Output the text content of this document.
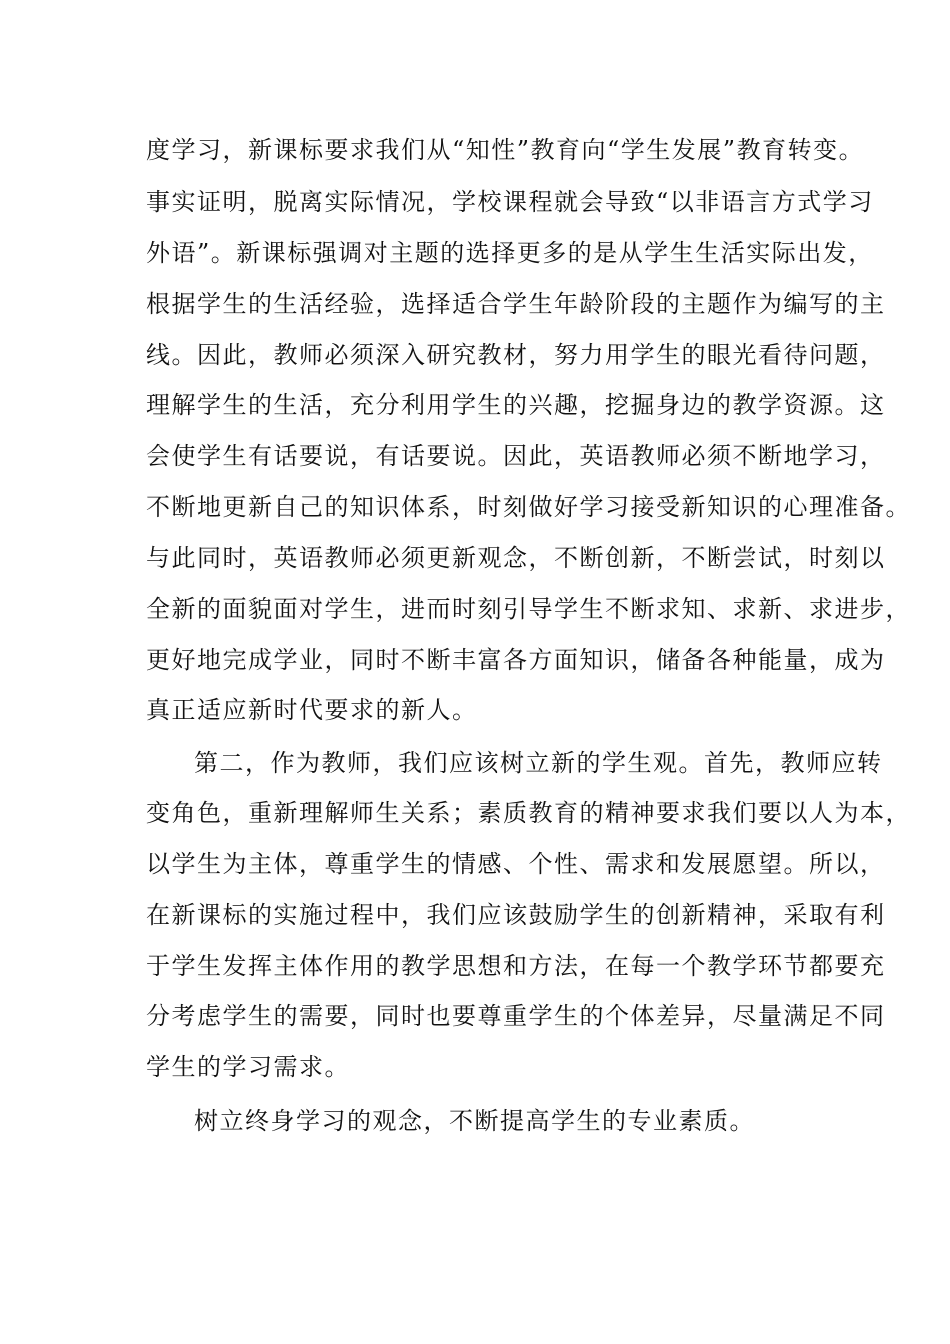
度学习，新课标要求我们从“知性”教育向“学生发展”教育转变。
事实证明，脱离实际情况，学校课程就会导致“以非语言方式学习
外语”。新课标强调对主题的选择更多的是从学生生活实际出发，
根据学生的生活经验，选择适合学生年龄阶段的主题作为编写的主
线。因此，教师必须深入研究教材，努力用学生的眼光看待问题，
理解学生的生活，充分利用学生的兴趣，挖掘身边的教学资源。这
会使学生有话要说，有话要说。因此，英语教师必须不断地学习，
不断地更新自己的知识体系，时刻做好学习接受新知识的心理准备。
与此同时，英语教师必须更新观念，不断创新，不断尝试，时刻以
全新的面貌面对学生，进而时刻引导学生不断求知、求新、求进步，
更好地完成学业，同时不断丰富各方面知识，储备各种能量，成为
真正适应新时代要求的新人。
第二，作为教师，我们应该树立新的学生观。首先，教师应转
变角色，重新理解师生关系；素质教育的精神要求我们要以人为本，
以学生为主体，尊重学生的情感、个性、需求和发展愿望。所以，
在新课标的实施过程中，我们应该鼓励学生的创新精神，采取有利
于学生发挥主体作用的教学思想和方法，在每一个教学环节都要充
分考虑学生的需要，同时也要尊重学生的个体差异，尽量满足不同
学生的学习需求。
树立终身学习的观念，不断提高学生的专业素质。
